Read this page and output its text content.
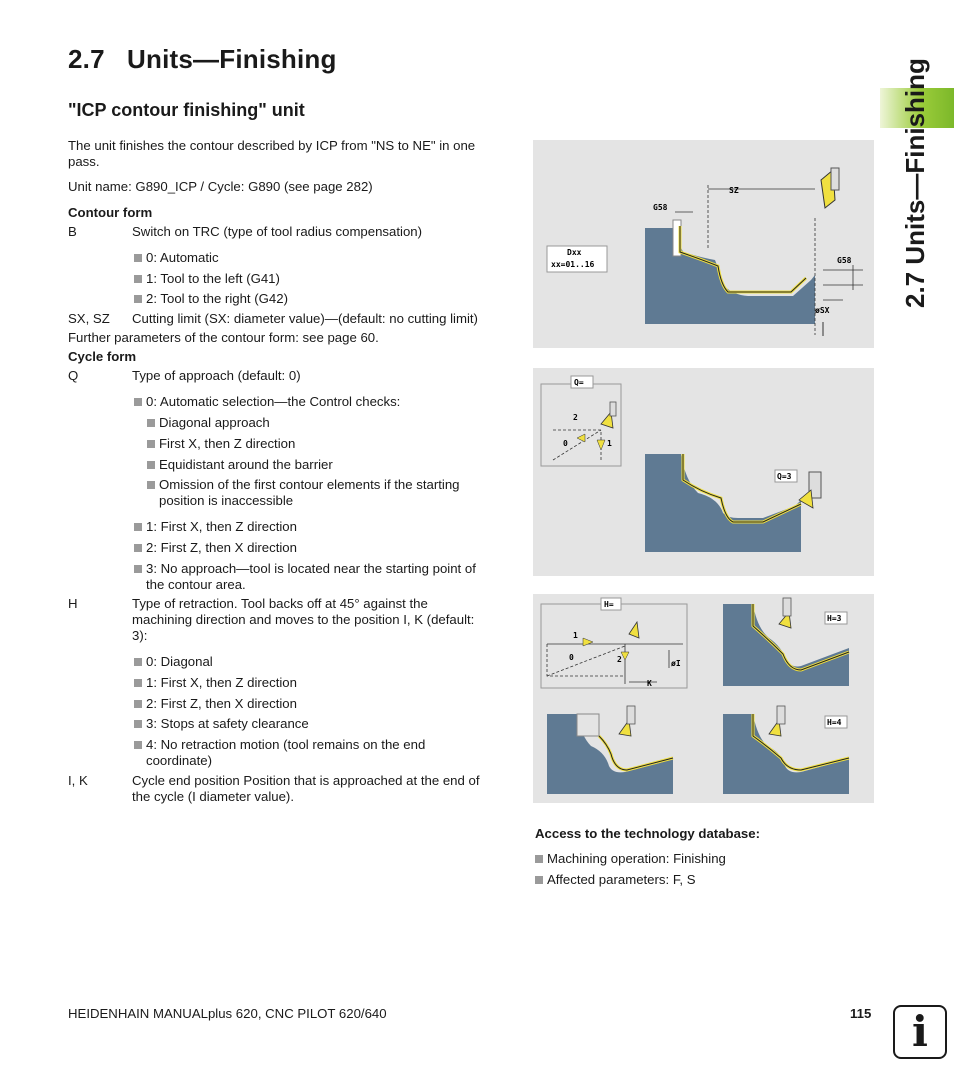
2.7 Units—Finishing
"ICP contour finishing" unit
The unit finishes the contour described by ICP from "NS to NE" in one
pass.
Unit name: G890_ICP / Cycle: G890 (see page 282)
Contour form
B	Switch on TRC (type of tool radius compensation)
0: Automatic
1: Tool to the left (G41)
2: Tool to the right (G42)
SX, SZ Cutting limit (SX: diameter value)—(default: no cutting limit)
Further parameters of the contour form: see page 60.
Cycle form
Q	Type of approach (default: 0)
0: Automatic selection—the Control checks:
Diagonal approach
First X, then Z direction
Equidistant around the barrier
Omission of the first contour elements if the starting
position is inaccessible
1: First X, then Z direction
2: First Z, then X direction
3: No approach—tool is located near the starting point of
the contour area.
H	Type of retraction. Tool backs off at 45° against the
machining direction and moves to the position I, K (default:
3):
0: Diagonal
1: First X, then Z direction
2: First Z, then X direction
3: Stops at safety clearance
4: No retraction motion (tool remains on the end
coordinate)
I, K	Cycle end position Position that is approached at the end of
the cycle (I diameter value).
SZ
G58
G58
Dxx
xx=01..16
øSX
Q=
Q=3
2
0	1
H=
H=3
H=4
1
0	2	øI
K
Access to the technology database:
Machining operation: Finishing
Affected parameters: F, S
2.7 Units—Finishing
HEIDENHAIN MANUALplus 620, CNC PILOT 620/640	115 i
